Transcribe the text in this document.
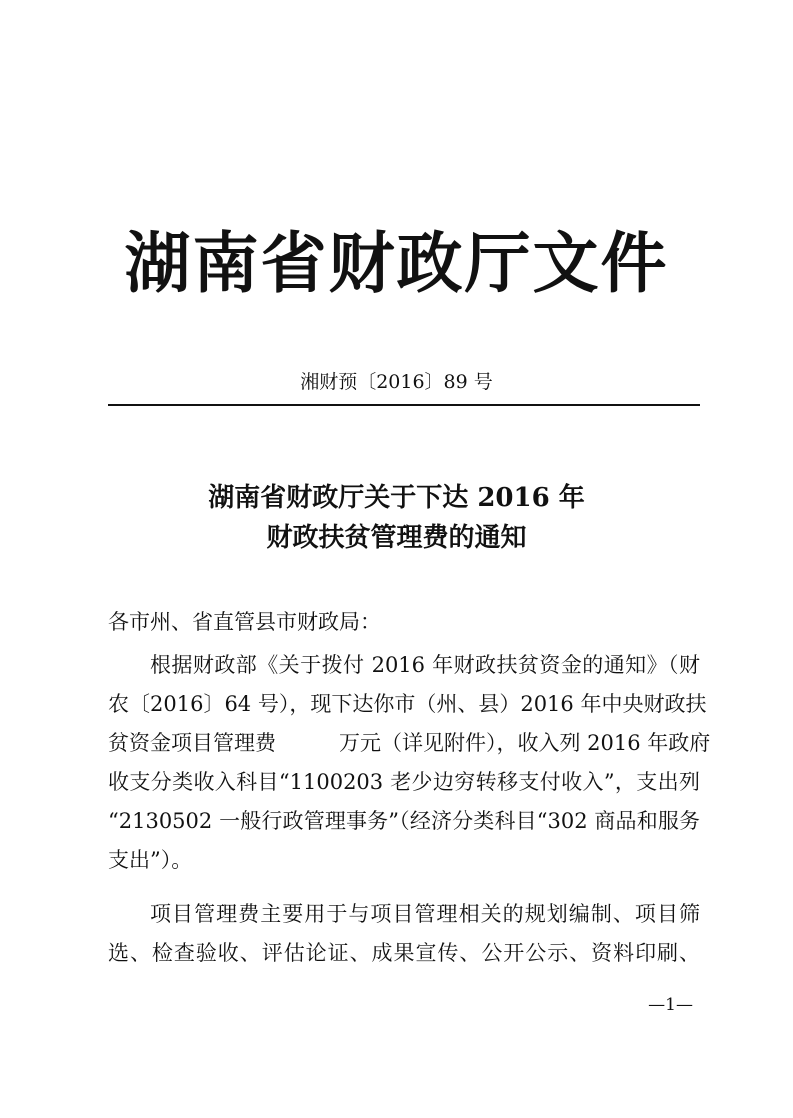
湖南省财政厅文件
湘财预〔2016〕89 号
湖南省财政厅关于下达 2016 年
财政扶贫管理费的通知
各市州、省直管县市财政局：
根据财政部《关于拨付 2016 年财政扶贫资金的通知》（财
农〔2016〕64 号），现下达你市（州、县）2016 年中央财政扶
贫资金项目管理费　　　万元（详见附件），收入列 2016 年政府
收支分类收入科目“1100203 老少边穷转移支付收入”，支出列
“2130502 一般行政管理事务”（经济分类科目“302 商品和服务
支出”）。
项目管理费主要用于与项目管理相关的规划编制、项目筛
选、检查验收、评估论证、成果宣传、公开公示、资料印刷、
—1—
